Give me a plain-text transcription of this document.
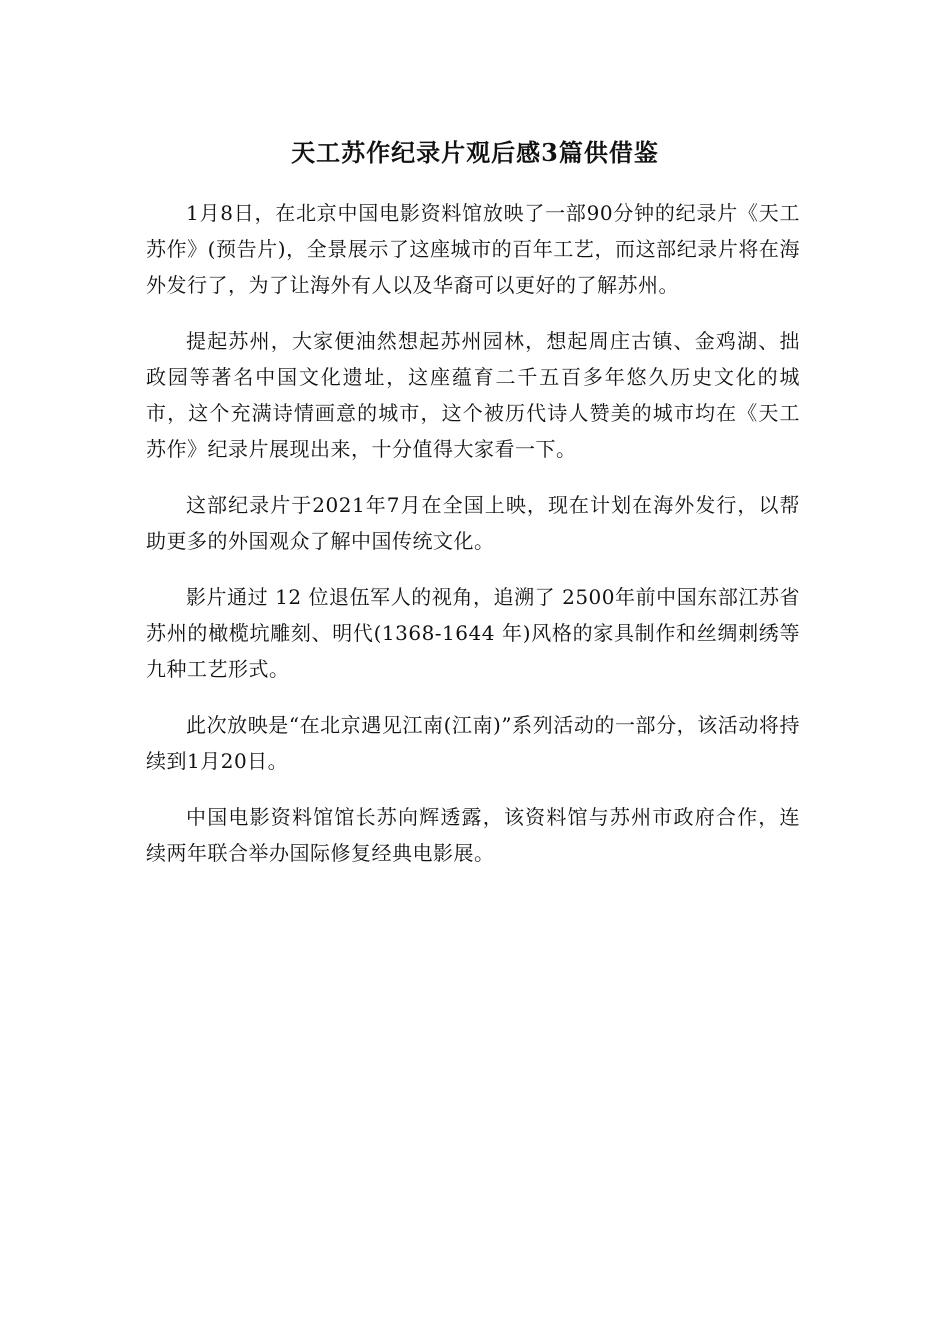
天工苏作纪录片观后感3篇供借鉴

1月8日，在北京中国电影资料馆放映了一部90分钟的纪录片《天工苏作》(预告片)，全景展示了这座城市的百年工艺，而这部纪录片将在海外发行了，为了让海外有人以及华裔可以更好的了解苏州。

提起苏州，大家便油然想起苏州园林，想起周庄古镇、金鸡湖、拙政园等著名中国文化遗址，这座蕴育二千五百多年悠久历史文化的城市，这个充满诗情画意的城市，这个被历代诗人赞美的城市均在《天工苏作》纪录片展现出来，十分值得大家看一下。

这部纪录片于2021年7月在全国上映，现在计划在海外发行，以帮助更多的外国观众了解中国传统文化。

影片通过 12 位退伍军人的视角，追溯了 2500年前中国东部江苏省苏州的橄榄坑雕刻、明代(1368-1644 年)风格的家具制作和丝绸刺绣等九种工艺形式。

此次放映是“在北京遇见江南(江南)”系列活动的一部分，该活动将持续到1月20日。

中国电影资料馆馆长苏向辉透露，该资料馆与苏州市政府合作，连续两年联合举办国际修复经典电影展。
